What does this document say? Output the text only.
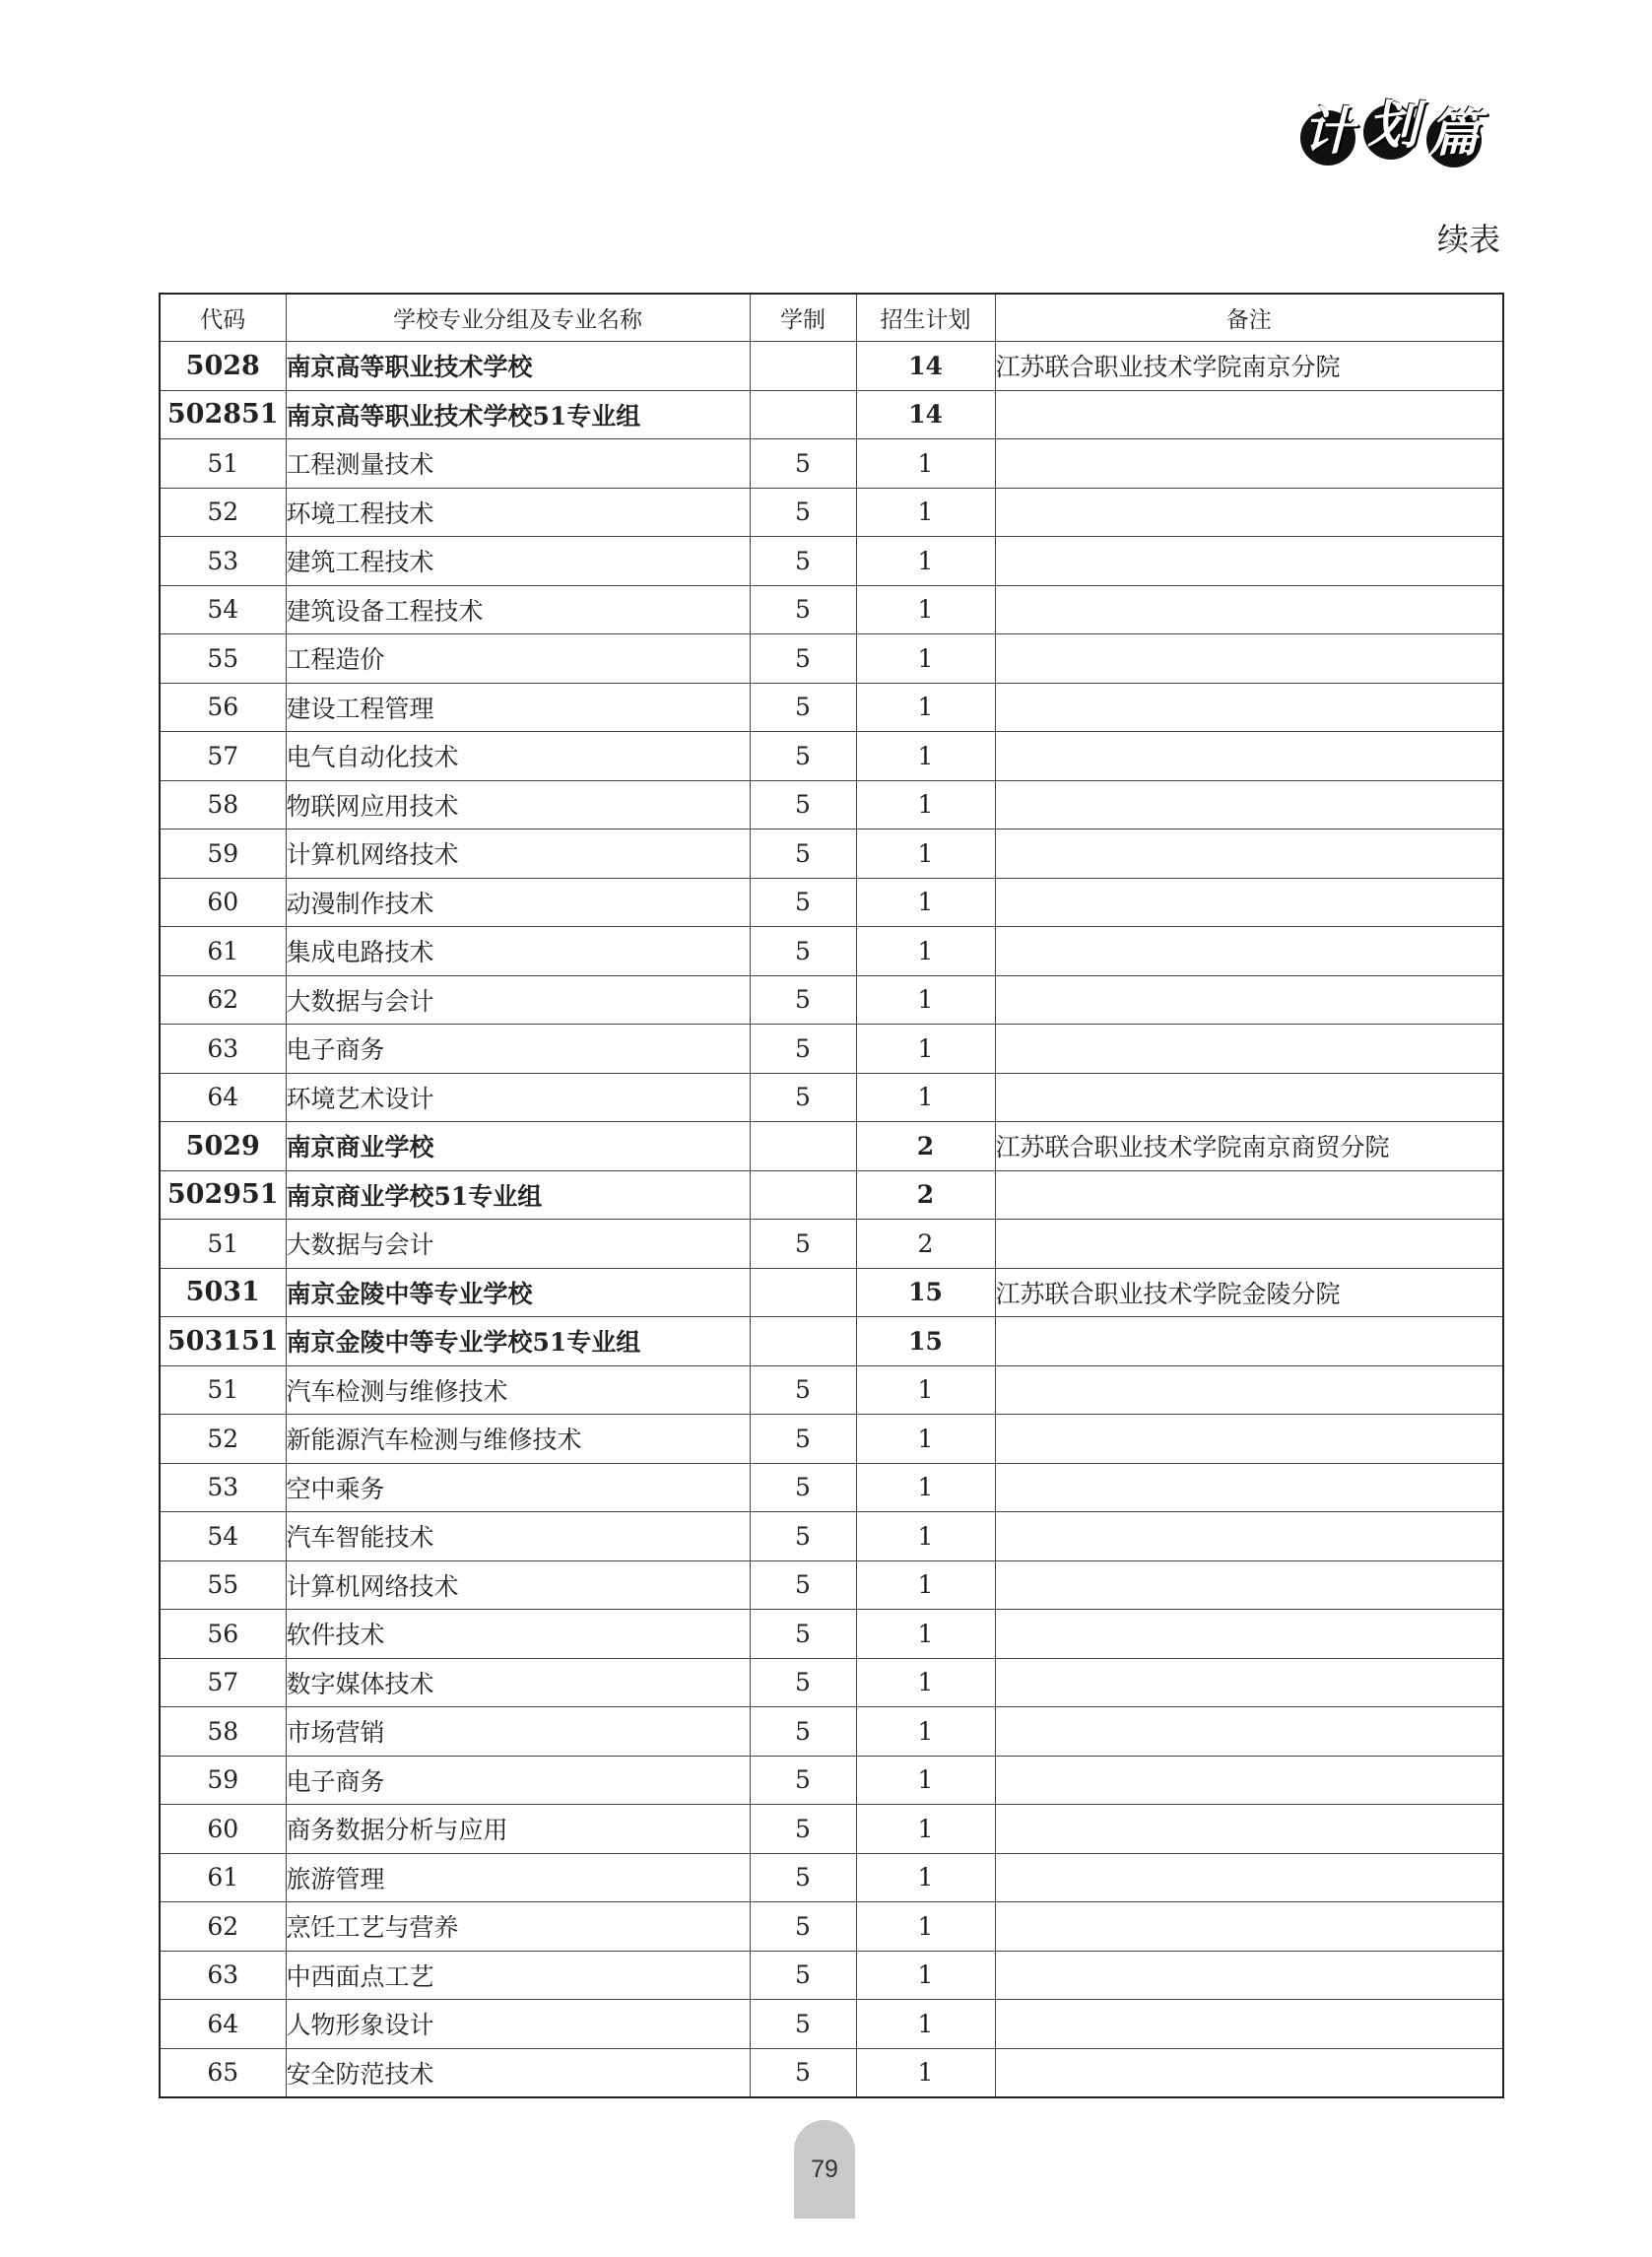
计 划 篇
续表
代码	学校专业分组及专业名称	学制	招生计划	备注
5028	南京高等职业技术学校		14	江苏联合职业技术学院南京分院
502851	南京高等职业技术学校51专业组		14	
51	工程测量技术	5	1	
52	环境工程技术	5	1	
53	建筑工程技术	5	1	
54	建筑设备工程技术	5	1	
55	工程造价	5	1	
56	建设工程管理	5	1	
57	电气自动化技术	5	1	
58	物联网应用技术	5	1	
59	计算机网络技术	5	1	
60	动漫制作技术	5	1	
61	集成电路技术	5	1	
62	大数据与会计	5	1	
63	电子商务	5	1	
64	环境艺术设计	5	1	
5029	南京商业学校		2	江苏联合职业技术学院南京商贸分院
502951	南京商业学校51专业组		2	
51	大数据与会计	5	2	
5031	南京金陵中等专业学校		15	江苏联合职业技术学院金陵分院
503151	南京金陵中等专业学校51专业组		15	
51	汽车检测与维修技术	5	1	
52	新能源汽车检测与维修技术	5	1	
53	空中乘务	5	1	
54	汽车智能技术	5	1	
55	计算机网络技术	5	1	
56	软件技术	5	1	
57	数字媒体技术	5	1	
58	市场营销	5	1	
59	电子商务	5	1	
60	商务数据分析与应用	5	1	
61	旅游管理	5	1	
62	烹饪工艺与营养	5	1	
63	中西面点工艺	5	1	
64	人物形象设计	5	1	
65	安全防范技术	5	1	
79
